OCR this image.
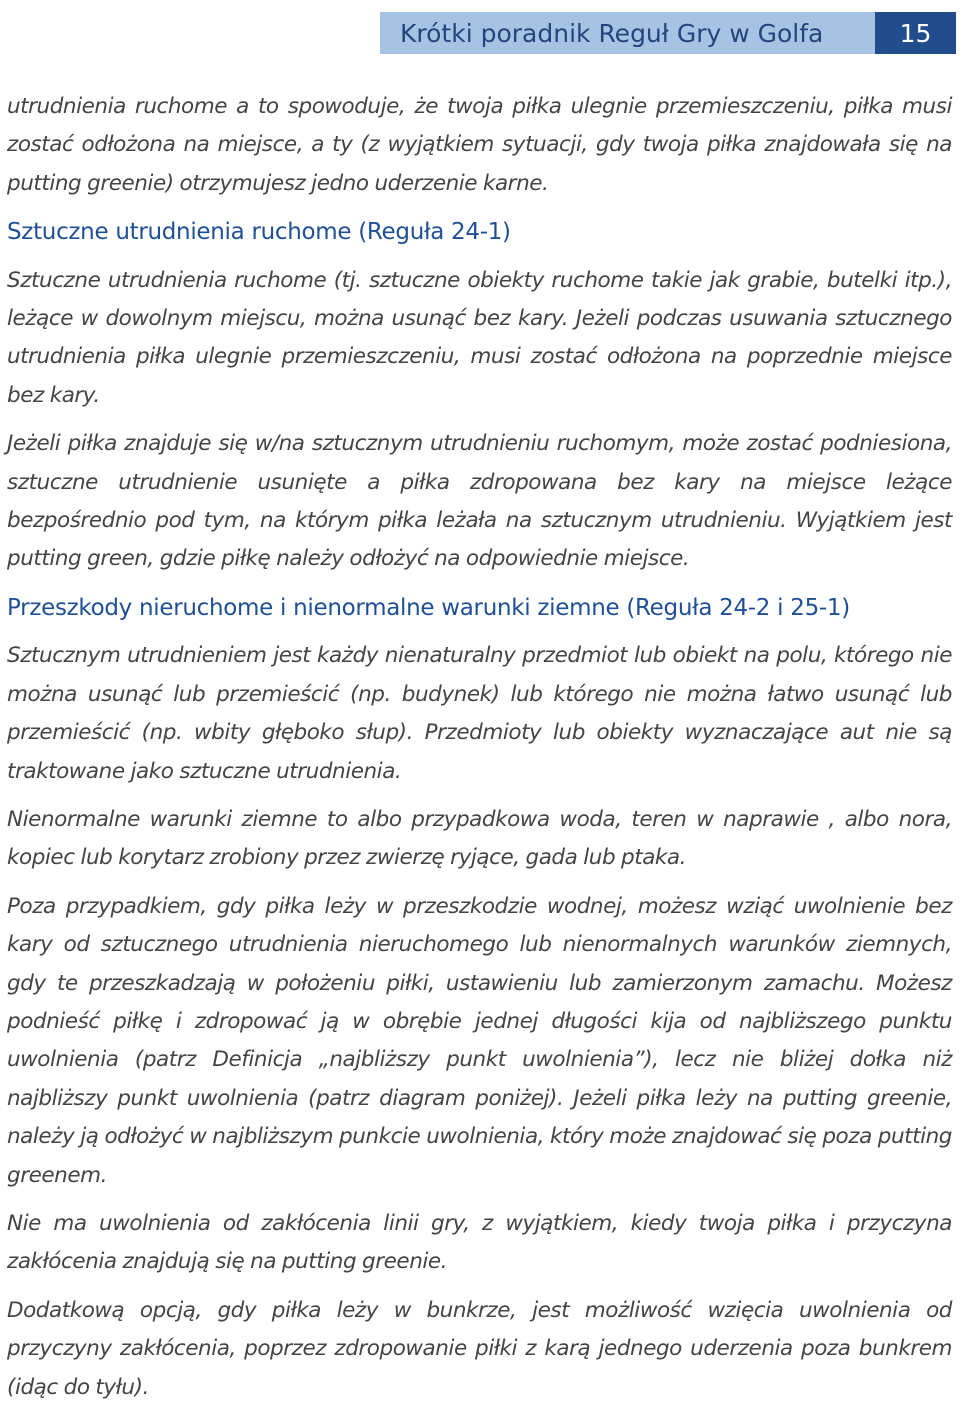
Krótki poradnik Reguł Gry w Golfa	15

utrudnienia ruchome a to spowoduje, że twoja piłka ulegnie przemieszczeniu, piłka musi zostać odłożona na miejsce, a ty (z wyjątkiem sytuacji, gdy twoja piłka znajdowała się na putting greenie) otrzymujesz jedno uderzenie karne.

Sztuczne utrudnienia ruchome (Reguła 24-1)

Sztuczne utrudnienia ruchome (tj. sztuczne obiekty ruchome takie jak grabie, butelki itp.), leżące w dowolnym miejscu, można usunąć bez kary. Jeżeli podczas usuwania sztucznego utrudnienia piłka ulegnie przemieszczeniu, musi zostać odłożona na poprzednie miejsce bez kary.

Jeżeli piłka znajduje się w/na sztucznym utrudnieniu ruchomym, może zostać podniesiona, sztuczne utrudnienie usunięte a piłka zdropowana bez kary na miejsce leżące bezpośrednio pod tym, na którym piłka leżała na sztucznym utrudnieniu. Wyjątkiem jest putting green, gdzie piłkę należy odłożyć na odpowiednie miejsce.

Przeszkody nieruchome i nienormalne warunki ziemne (Reguła 24-2 i 25-1)

Sztucznym utrudnieniem jest każdy nienaturalny przedmiot lub obiekt na polu, którego nie można usunąć lub przemieścić (np. budynek) lub którego nie można łatwo usunąć lub przemieścić (np. wbity głęboko słup). Przedmioty lub obiekty wyznaczające aut nie są traktowane jako sztuczne utrudnienia.

Nienormalne warunki ziemne to albo przypadkowa woda, teren w naprawie , albo nora, kopiec lub korytarz zrobiony przez zwierzę ryjące, gada lub ptaka.

Poza przypadkiem, gdy piłka leży w przeszkodzie wodnej, możesz wziąć uwolnienie bez kary od sztucznego utrudnienia nieruchomego lub nienormalnych warunków ziemnych, gdy te przeszkadzają w położeniu piłki, ustawieniu lub zamierzonym zamachu. Możesz podnieść piłkę i zdropować ją w obrębie jednej długości kija od najbliższego punktu uwolnienia (patrz Definicja „najbliższy punkt uwolnienia”), lecz nie bliżej dołka niż najbliższy punkt uwolnienia (patrz diagram poniżej). Jeżeli piłka leży na putting greenie, należy ją odłożyć w najbliższym punkcie uwolnienia, który może znajdować się poza putting greenem.

Nie ma uwolnienia od zakłócenia linii gry, z wyjątkiem, kiedy twoja piłka i przyczyna zakłócenia znajdują się na putting greenie.

Dodatkową opcją, gdy piłka leży w bunkrze, jest możliwość wzięcia uwolnienia od przyczyny zakłócenia, poprzez zdropowanie piłki z karą jednego uderzenia poza bunkrem (idąc do tyłu).
